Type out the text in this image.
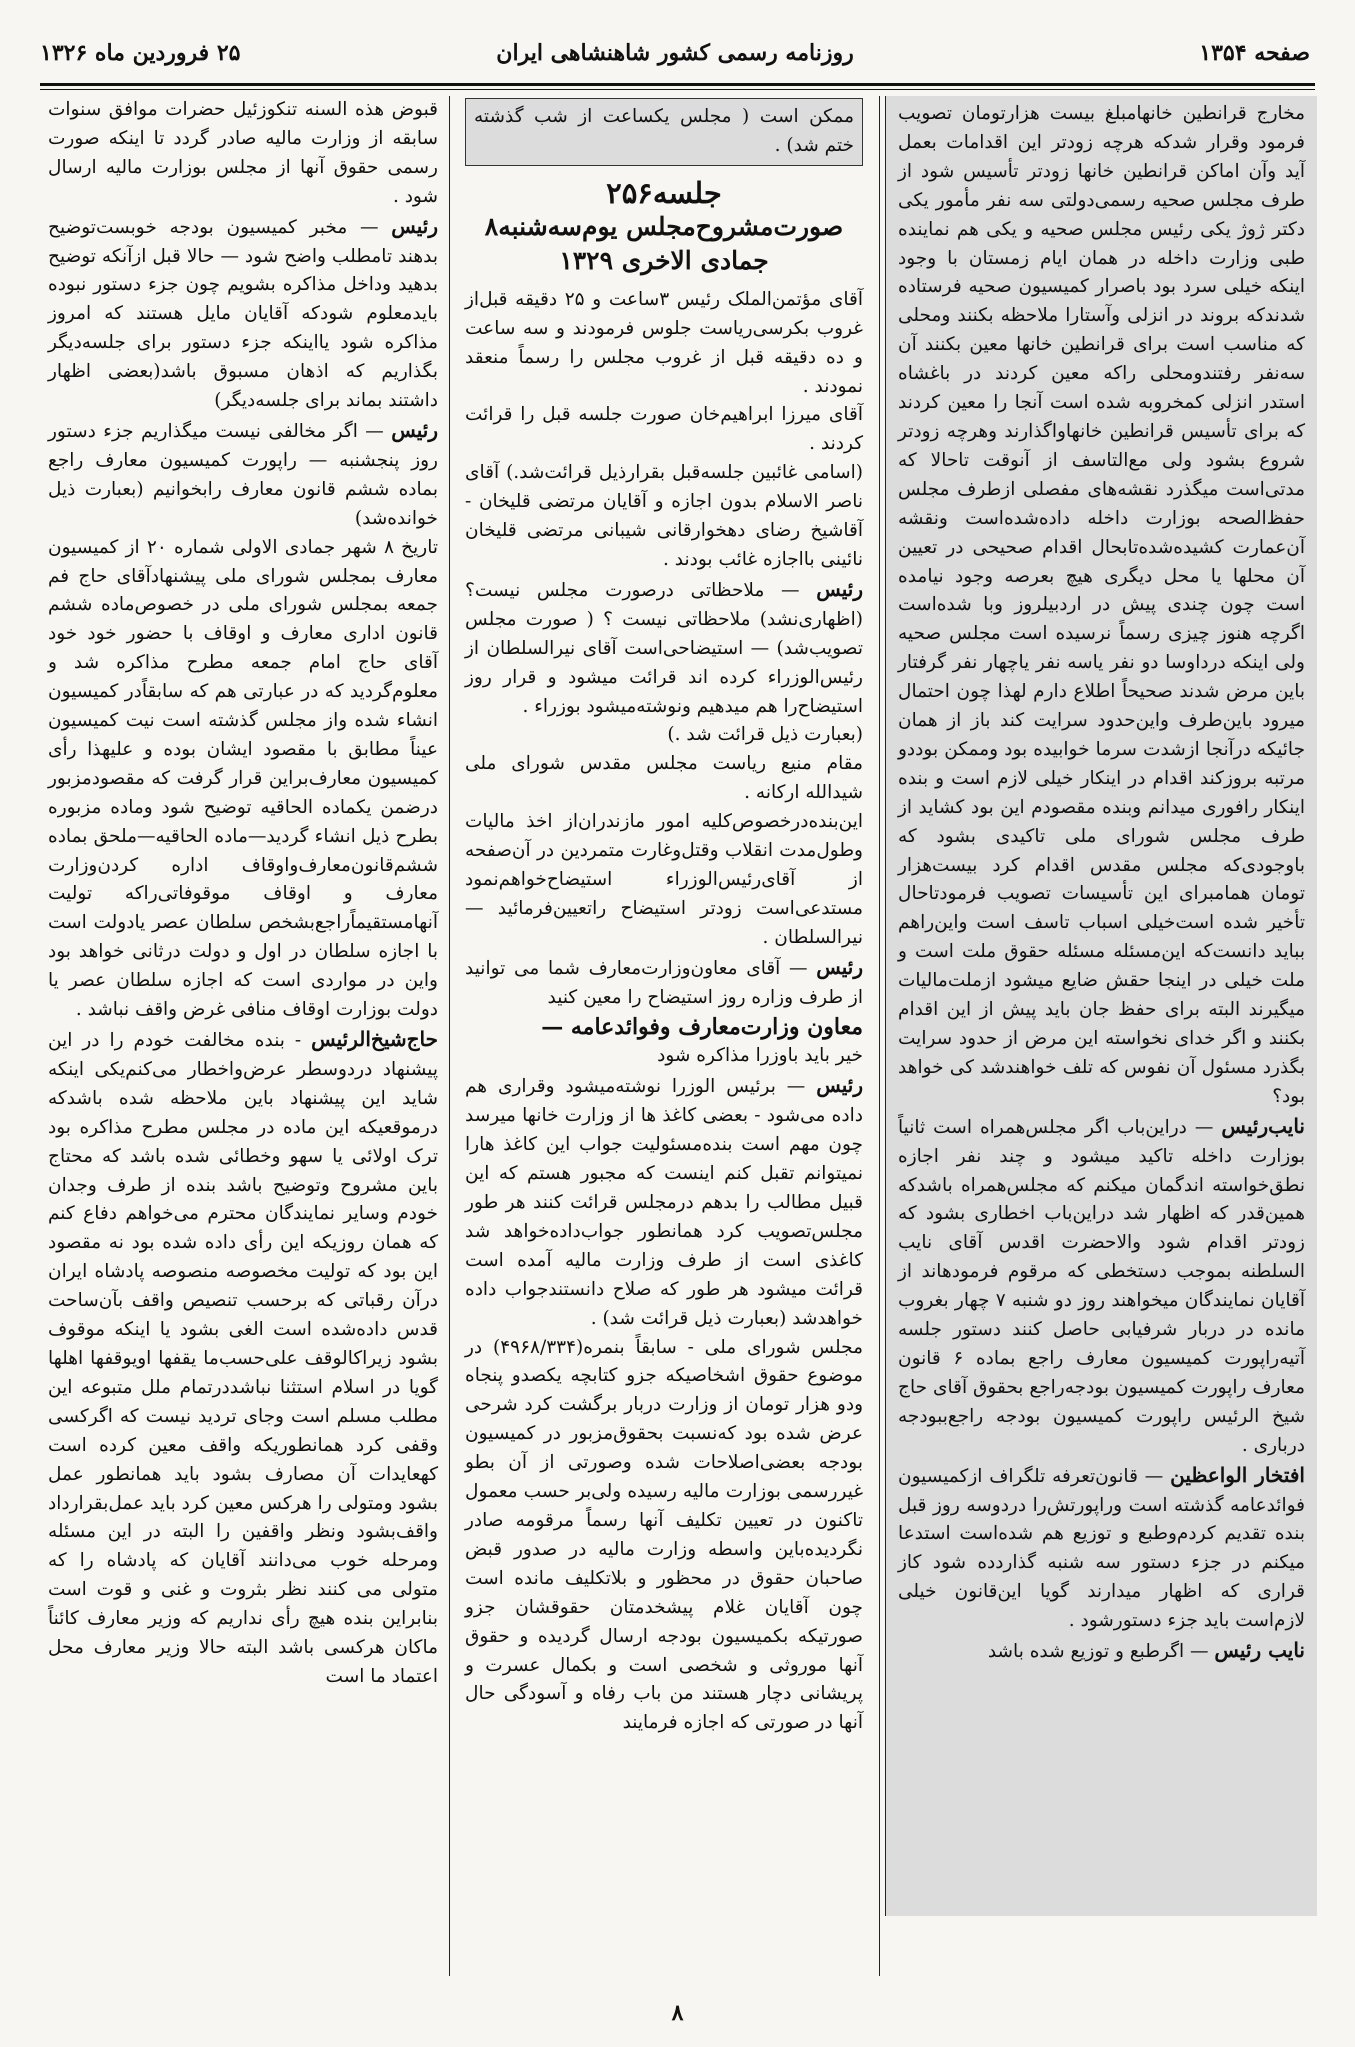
صفحه ۱۳۵۴
روزنامه رسمی کشور شاهنشاهی ایران
۲۵ فروردین ماه ۱۳۲۶

مخارج قرانطین خانهامبلغ بیست هزارتومان تصویب فرمود وقرار شدکه هرچه زودتر این اقدامات بعمل آید وآن اماکن قرانطین خانها زودتر تأسیس شود از طرف مجلس صحیه رسمی‌دولتی سه نفر مأمور یکی دکتر ژوژ یکی رئیس مجلس صحیه و یکی هم نماینده طبی وزارت داخله در همان ایام زمستان با وجود اینکه خیلی سرد بود باصرار کمیسیون صحیه فرستاده شدندکه بروند در انزلی وآستارا ملاحظه بکنند ومحلی که مناسب است برای قرانطین خانها معین بکنند آن سه‌نفر رفتندومحلی راکه معین کردند در باغشاه استدر انزلی کمخروبه شده است آنجا را معین کردند که برای تأسیس قرانطین خانهاواگذارند وهرچه زودتر شروع بشود ولی مع‌التاسف از آنوقت تاحالا که مدتی‌است میگذرد نقشه‌های مفصلی ازطرف مجلس حفظ‌الصحه بوزارت داخله داده‌شده‌است ونقشه آن‌عمارت کشیده‌شده‌تابحال اقدام صحیحی در تعیین آن محلها یا محل دیگری هیچ بعرصه وجود نیامده است چون چندی پیش در اردبیلروز وبا شده‌است اگرچه هنوز چیزی رسماً نرسیده است مجلس صحیه ولی اینکه درداوسا دو نفر یاسه نفر یاچهار نفر گرفتار باین مرض شدند صحیحاً اطلاع دارم لهذا چون احتمال میرود باین‌طرف واین‌حدود سرایت کند باز از همان جائیکه درآنجا ازشدت سرما خوابیده بود وممکن بوددو مرتبه بروزکند اقدام در اینکار خیلی لازم است و بنده اینکار رافوری میدانم وبنده مقصودم این بود کشاید از طرف مجلس شورای ملی تاکیدی بشود که باوجودی‌که مجلس مقدس اقدام کرد بیست‌هزار تومان همامبرای این تأسیسات تصویب فرمودتاحال تأخیر شده است‌خیلی اسباب تاسف است واین‌راهم بباید دانست‌که این‌مسئله مسئله حقوق ملت است و ملت خیلی در اینجا حقش ضایع میشود ازملت‌مالیات میگیرند البته برای حفظ جان باید پیش از این اقدام بکنند و اگر خدای نخواسته این مرض از حدود سرایت بگذرد مسئول آن نفوس که تلف خواهندشد کی خواهد بود؟

نایب‌رئیس — دراین‌باب اگر مجلس‌همراه است ثانیاً بوزارت داخله تاکید میشود و چند نفر اجازه نطق‌خواسته اندگمان میکنم که مجلس‌همراه باشدکه همین‌قدر که اظهار شد دراین‌باب اخطاری بشود که زودتر اقدام شود والاحضرت اقدس آقای نایب السلطنه بموجب دستخطی که مرقوم فرمودهاند از آقایان نمایندگان میخواهند روز دو شنبه ۷ چهار بغروب مانده در دربار شرفیابی حاصل کنند دستور جلسه آتیه‌راپورت کمیسیون معارف راجع بماده ۶ قانون معارف راپورت کمیسیون بودجه‌راجع بحقوق آقای حاج شیخ الرئیس راپورت کمیسیون بودجه راجع‌ببودجه درباری .

افتخار الواعظین — قانون‌تعرفه تلگراف ازکمیسیون فوائدعامه گذشته است وراپورتش‌را دردوسه روز قبل بنده تقدیم کردم‌وطبع و توزیع هم شده‌است استدعا میکنم در جزء دستور سه شنبه گذاردده شود کاز قراری که اظهار میدارند گویا این‌قانون خیلی لازم‌است باید جزء دستورشود .

نایب رئیس — اگرطبع و توزیع شده باشد

ممکن است ( مجلس یکساعت از شب گذشته ختم شد) .
جلسه۲۵۶
صورت‌مشروح‌مجلس یوم‌سه‌شنبه۸
جمادی الاخری ۱۳۲۹

آقای مؤتمن‌الملک رئیس ۳ساعت و ۲۵ دقیقه قبل‌از غروب بکرسی‌ریاست جلوس فرمودند و سه ساعت و ده دقیقه قبل از غروب مجلس را رسماً منعقد نمودند .

آقای میرزا ابراهیم‌خان صورت جلسه قبل را قرائت کردند .

(اسامی غائبین جلسه‌قبل بقرارذیل قرائت‌شد.) آقای ناصر الاسلام بدون اجازه و آقایان مرتضی قلیخان - آقاشیخ رضای دهخوارقانی شیبانی مرتضی قلیخان نائینی بااجازه غائب بودند .

رئیس — ملاحظاتی درصورت مجلس نیست؟ (اظهاری‌نشد) ملاحظاتی نیست ؟ ( صورت مجلس تصویب‌شد) — استیضاحی‌است آقای نیرالسلطان از رئیس‌الوزراء کرده اند قرائت میشود و قرار روز استیضاح‌را هم میدهیم ونوشته‌میشود بوزراء .

(بعبارت ذیل قرائت شد .)

مقام منیع ریاست مجلس مقدس شورای ملی شیدالله ارکانه .

این‌بنده‌درخصوص‌کلیه امور مازندران‌از اخذ مالیات وطول‌مدت انقلاب وقتل‌وغارت متمردین در آن‌صفحه از آقای‌رئیس‌الوزراء استیضاح‌خواهم‌نمود مستدعی‌است زودتر استیضاح راتعیین‌فرمائید — نیرالسلطان .

رئیس — آقای معاون‌وزارت‌معارف شما می توانید از طرف وزاره روز استیضاح را معین کنید

معاون وزارت‌معارف وفوائدعامه —

خیر باید باوزرا مذاکره شود

رئیس — برئیس الوزرا نوشته‌میشود وقراری هم داده می‌شود - بعضی کاغذ ها از وزارت خانها میرسد چون مهم است بنده‌مسئولیت جواب این کاغذ هارا نمیتوانم تقبل کنم اینست که مجبور هستم که این قبیل مطالب را بدهم درمجلس قرائت کنند هر طور مجلس‌تصویب کرد همانطور جواب‌داده‌خواهد شد کاغذی است از طرف وزارت مالیه آمده است قرائت میشود هر طور که صلاح دانستندجواب داده خواهدشد (بعبارت ذیل قرائت شد) .

مجلس شورای ملی - سابقاً بنمره(۴۹۶۸/۳۳۴) در موضوع حقوق اشخاصیکه جزو کتابچه یکصدو پنجاه ودو هزار تومان از وزارت دربار برگشت کرد شرحی عرض شده بود که‌نسبت بحقوق‌مزبور در کمیسیون بودجه بعضی‌اصلاحات شده وصورتی از آن بطو غیررسمی بوزارت مالیه رسیده ولی‌بر حسب معمول تاکنون در تعیین تکلیف آنها رسماً مرقومه صادر نگردیده‌باین واسطه وزارت مالیه در صدور قبض صاحبان حقوق در محظور و بلاتکلیف مانده است چون آقایان غلام پیشخدمتان حقوقشان جزو صورتیکه بکمیسیون بودجه ارسال گردیده و حقوق آنها موروثی و شخصی است و بکمال عسرت و پریشانی دچار هستند من باب رفاه و آسودگی حال آنها در صورتی که اجازه فرمایند

قبوض هذه السنه تنکوزئیل حضرات موافق سنوات سابقه از وزارت مالیه صادر گردد تا اینکه صورت رسمی حقوق آنها از مجلس بوزارت مالیه ارسال شود .

رئیس — مخبر کمیسیون بودجه خوبست‌توضیح بدهند تامطلب واضح شود — حالا قبل ازآنکه توضیح بدهید وداخل مذاکره بشویم چون جزء دستور نبوده باید‌معلوم شودکه آقایان مایل هستند که امروز مذاکره شود یااینکه جزء دستور برای جلسه‌دیگر بگذاریم که اذهان مسبوق باشد(بعضی اظهار داشتند بماند برای جلسه‌دیگر)

رئیس — اگر مخالفی نیست میگذاریم جزء دستور روز پنجشنبه — راپورت کمیسیون معارف راجع بماده ششم قانون معارف رابخوانیم (بعبارت ذیل خوانده‌شد)

تاریخ ۸ شهر جمادی الاولی شماره ۲۰ از کمیسیون معارف بمجلس شورای ملی پیشنهادآقای حاج فم جمعه بمجلس شورای ملی در خصوص‌ماده ششم قانون اداری معارف و اوقاف با حضور خود خود آقای حاج امام جمعه مطرح مذاکره شد و معلوم‌گردید که در عبارتی هم که سابقاًدر کمیسیون انشاء شده واز مجلس گذشته است نیت کمیسیون عیناً مطابق با مقصود ایشان بوده و علیهذا رأی کمیسیون معارف‌براین قرار گرفت که مقصودمزبور درضمن یکماده الحاقیه توضیح شود وماده مزبوره بطرح ذیل انشاء گردید—ماده الحاقیه—ملحق بماده ششم‌قانون‌معارف‌واوقاف اداره کردن‌وزارت معارف و اوقاف موقوفاتی‌راکه تولیت آنهامستقیماًراجع‌بشخص سلطان عصر یادولت است با اجازه سلطان در اول و دولت درثانی خواهد بود واین در مواردی است که اجازه سلطان عصر یا دولت بوزارت اوقاف منافی غرض واقف نباشد .

حاج‌شیخ‌الرئیس - بنده مخالفت خودم را در این پیشنهاد دردوسطر عرض‌واخطار می‌کنم‌یکی اینکه شاید این پیشنهاد باین ملاحظه شده باشدکه درموقعیکه این ماده در مجلس مطرح مذاکره بود ترک اولائی یا سهو وخطائی شده باشد که محتاج باین مشروح وتوضیح باشد بنده از طرف وجدان خودم وسایر نمایندگان محترم می‌خواهم دفاع کنم که همان روزیکه این رأی داده شده بود نه مقصود این بود که تولیت مخصوصه منصوصه پادشاه ایران درآن رقباتی که برحسب تنصیص واقف بآن‌ساحت قدس داده‌شده است الغی بشود یا اینکه موقوف بشود زیراکالوقف علی‌حسب‌ما یقفها اویوقفها اهلها گویا در اسلام استثنا نباشد‌درتمام ملل متبوعه این مطلب مسلم است وجای تردید نیست که اگرکسی وقفی کرد همانطوریکه واقف معین کرده است کهعایدات آن مصارف بشود باید همانطور عمل بشود ومتولی را هرکس معین کرد باید عمل‌بقرارداد واقف‌بشود ونظر واقفین را البته در این مسئله ومرحله خوب می‌دانند آقایان که پادشاه را که متولی می کنند نظر بثروت و غنی و قوت است بنابراین بنده هیچ رأی نداریم که وزیر معارف کائناً ماکان هرکسی باشد البته حالا وزیر معارف محل اعتماد ما است

۸
